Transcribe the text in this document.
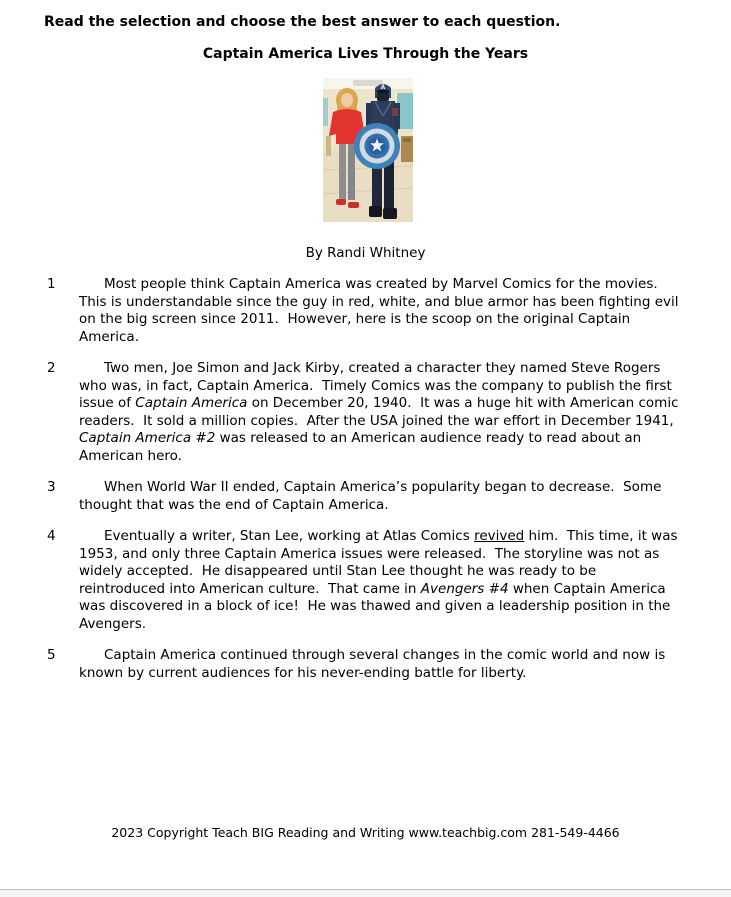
Read the selection and choose the best answer to each question.
Captain America Lives Through the Years
A
By Randi Whitney
1	Most people think Captain America was created by Marvel Comics for the movies.  This is understandable since the guy in red, white, and blue armor has been fighting evil on the big screen since 2011.  However, here is the scoop on the original Captain America.
2	Two men, Joe Simon and Jack Kirby, created a character they named Steve Rogers who was, in fact, Captain America.  Timely Comics was the company to publish the first issue of Captain America on December 20, 1940.  It was a huge hit with American comic readers.  It sold a million copies.  After the USA joined the war effort in December 1941, Captain America #2 was released to an American audience ready to read about an American hero.
3	When World War II ended, Captain America’s popularity began to decrease.  Some thought that was the end of Captain America.
4	Eventually a writer, Stan Lee, working at Atlas Comics revived him.  This time, it was 1953, and only three Captain America issues were released.  The storyline was not as widely accepted.  He disappeared until Stan Lee thought he was ready to be reintroduced into American culture.  That came in Avengers #4 when Captain America was discovered in a block of ice!  He was thawed and given a leadership position in the Avengers.
5	Captain America continued through several changes in the comic world and now is known by current audiences for his never-ending battle for liberty.
2023 Copyright Teach BIG Reading and Writing www.teachbig.com 281-549-4466
